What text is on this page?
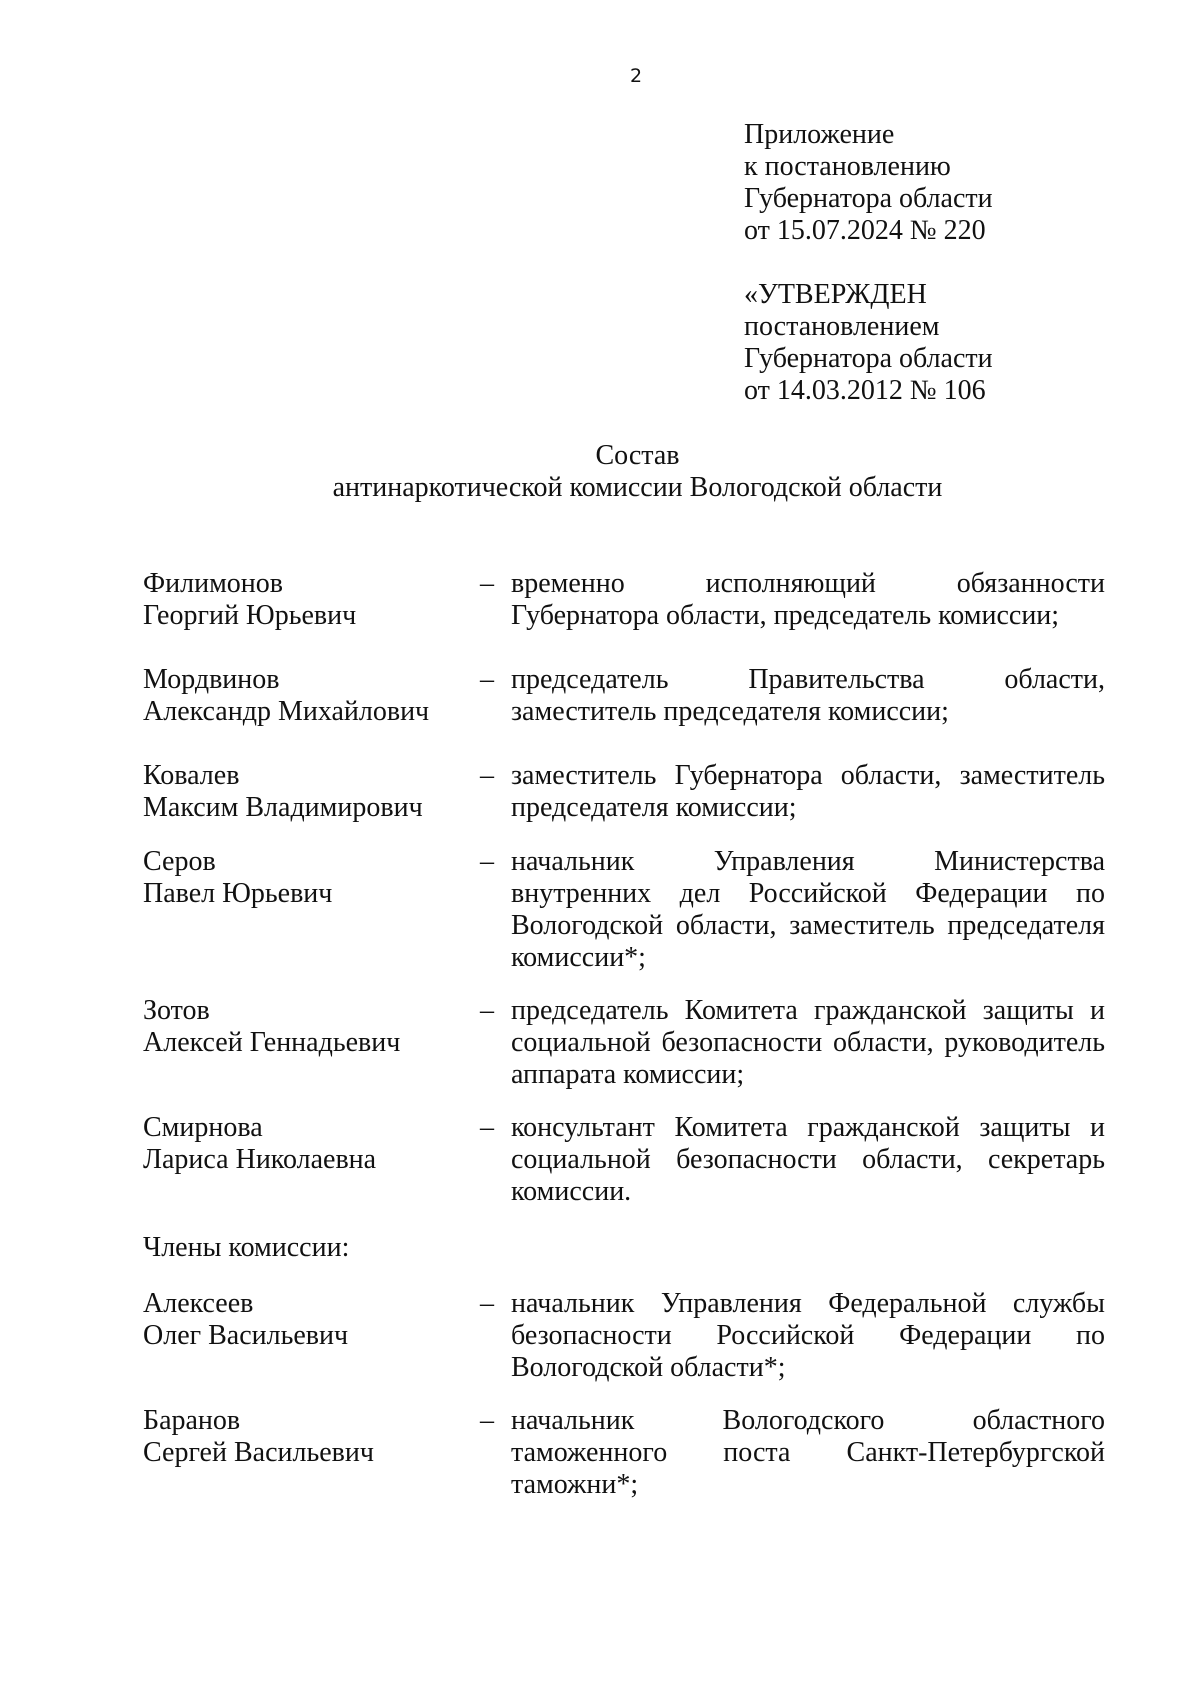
2
Приложение
к постановлению
Губернатора области
от 15.07.2024 № 220
«УТВЕРЖДЕН
постановлением
Губернатора области
от 14.03.2012 № 106
Состав
антинаркотической комиссии Вологодской области
Филимонов
Георгий Юрьевич
– временно исполняющий обязанности Губернатора области, председатель комиссии;
Мордвинов
Александр Михайлович
– председатель Правительства области, заместитель председателя комиссии;
Ковалев
Максим Владимирович
– заместитель Губернатора области, заместитель председателя комиссии;
Серов
Павел Юрьевич
– начальник Управления Министерства внутренних дел Российской Федерации по Вологодской области, заместитель председателя комиссии*;
Зотов
Алексей Геннадьевич
– председатель Комитета гражданской защиты и социальной безопасности области, руководитель аппарата комиссии;
Смирнова
Лариса Николаевна
– консультант Комитета гражданской защиты и социальной безопасности области, секретарь комиссии.
Члены комиссии:
Алексеев
Олег Васильевич
– начальник Управления Федеральной службы безопасности Российской Федерации по Вологодской области*;
Баранов
Сергей Васильевич
– начальник Вологодского областного таможенного поста Санкт-Петербургской таможни*;
